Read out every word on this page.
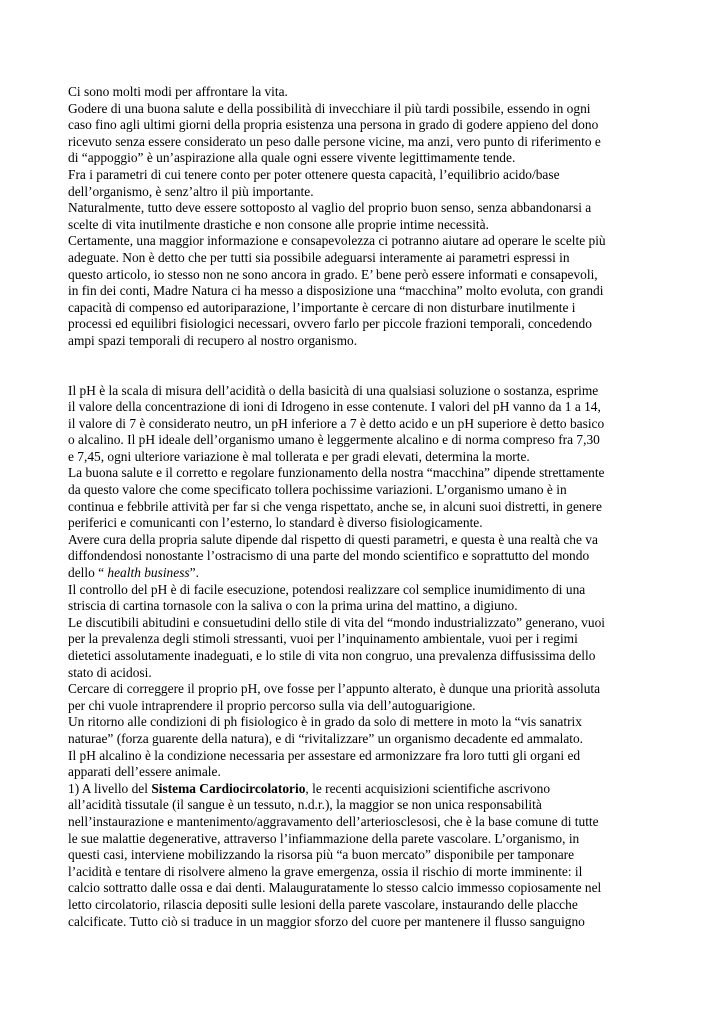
Ci sono molti modi per affrontare la vita.

Godere di una buona salute e della possibilità di invecchiare il più tardi possibile, essendo in ogni

caso fino agli ultimi giorni della propria esistenza una persona in grado di godere appieno del dono

ricevuto senza essere considerato un peso dalle persone vicine, ma anzi, vero punto di riferimento e

di “appoggio” è un’aspirazione alla quale ogni essere vivente legittimamente tende.

Fra i parametri di cui tenere conto per poter ottenere questa capacità, l’equilibrio acido/base

dell’organismo, è senz’altro il più importante.

Naturalmente, tutto deve essere sottoposto al vaglio del proprio buon senso, senza abbandonarsi a

scelte di vita inutilmente drastiche e non consone alle proprie intime necessità.

Certamente, una maggior informazione e consapevolezza ci potranno aiutare ad operare le scelte più

adeguate. Non è detto che per tutti sia possibile adeguarsi interamente ai parametri espressi in

questo articolo, io stesso non ne sono ancora in grado. E’ bene però essere informati e consapevoli,

in fin dei conti, Madre Natura ci ha messo a disposizione una “macchina” molto evoluta, con grandi

capacità di compenso ed autoriparazione, l’importante è cercare di non disturbare inutilmente i

processi ed equilibri fisiologici necessari, ovvero farlo per piccole frazioni temporali, concedendo

ampi spazi temporali di recupero al nostro organismo.

Il pH è la scala di misura dell’acidità o della basicità di una qualsiasi soluzione o sostanza, esprime

il valore della concentrazione di ioni di Idrogeno in esse contenute. I valori del pH vanno da 1 a 14,

il valore di 7 è considerato neutro, un pH inferiore a 7 è detto acido e un pH superiore è detto basico

o alcalino. Il pH ideale dell’organismo umano è leggermente alcalino e di norma compreso fra 7,30

e 7,45, ogni ulteriore variazione è mal tollerata e per gradi elevati, determina la morte.

La buona salute e il corretto e regolare funzionamento della nostra “macchina” dipende strettamente

da questo valore che come specificato tollera pochissime variazioni. L’organismo umano è in

continua e febbrile attività per far si che venga rispettato, anche se, in alcuni suoi distretti, in genere

periferici e comunicanti con l’esterno, lo standard è diverso fisiologicamente.

Avere cura della propria salute dipende dal rispetto di questi parametri, e questa è una realtà che va

diffondendosi nonostante l’ostracismo di una parte del mondo scientifico e soprattutto del mondo

dello “ health business”.

Il controllo del pH è di facile esecuzione, potendosi realizzare col semplice inumidimento di una

striscia di cartina tornasole con la saliva o con la prima urina del mattino, a digiuno.

Le discutibili abitudini e consuetudini dello stile di vita del “mondo industrializzato” generano, vuoi

per la prevalenza degli stimoli stressanti, vuoi per l’inquinamento ambientale, vuoi per i regimi

dietetici assolutamente inadeguati, e lo stile di vita non congruo, una prevalenza diffusissima dello

stato di acidosi.

Cercare di correggere il proprio pH, ove fosse per l’appunto alterato, è dunque una priorità assoluta

per chi vuole intraprendere il proprio percorso sulla via dell’autoguarigione.

Un ritorno alle condizioni di ph fisiologico è in grado da solo di mettere in moto la “vis sanatrix

naturae” (forza guarente della natura), e di “rivitalizzare” un organismo decadente ed ammalato.

Il pH alcalino è la condizione necessaria per assestare ed armonizzare fra loro tutti gli organi ed

apparati dell’essere animale.

1) A livello del Sistema Cardiocircolatorio, le recenti acquisizioni scientifiche ascrivono

all’acidità tissutale (il sangue è un tessuto, n.d.r.), la maggior se non unica responsabilità

nell’instaurazione e mantenimento/aggravamento dell’arteriosclesosi, che è la base comune di tutte

le sue malattie degenerative, attraverso l’infiammazione della parete vascolare. L’organismo, in

questi casi, interviene mobilizzando la risorsa più “a buon mercato” disponibile per tamponare

l’acidità e tentare di risolvere almeno la grave emergenza, ossia il rischio di morte imminente: il

calcio sottratto dalle ossa e dai denti. Malauguratamente lo stesso calcio immesso copiosamente nel

letto circolatorio, rilascia depositi sulle lesioni della parete vascolare, instaurando delle placche

calcificate. Tutto ciò si traduce in un maggior sforzo del cuore per mantenere il flusso sanguigno
